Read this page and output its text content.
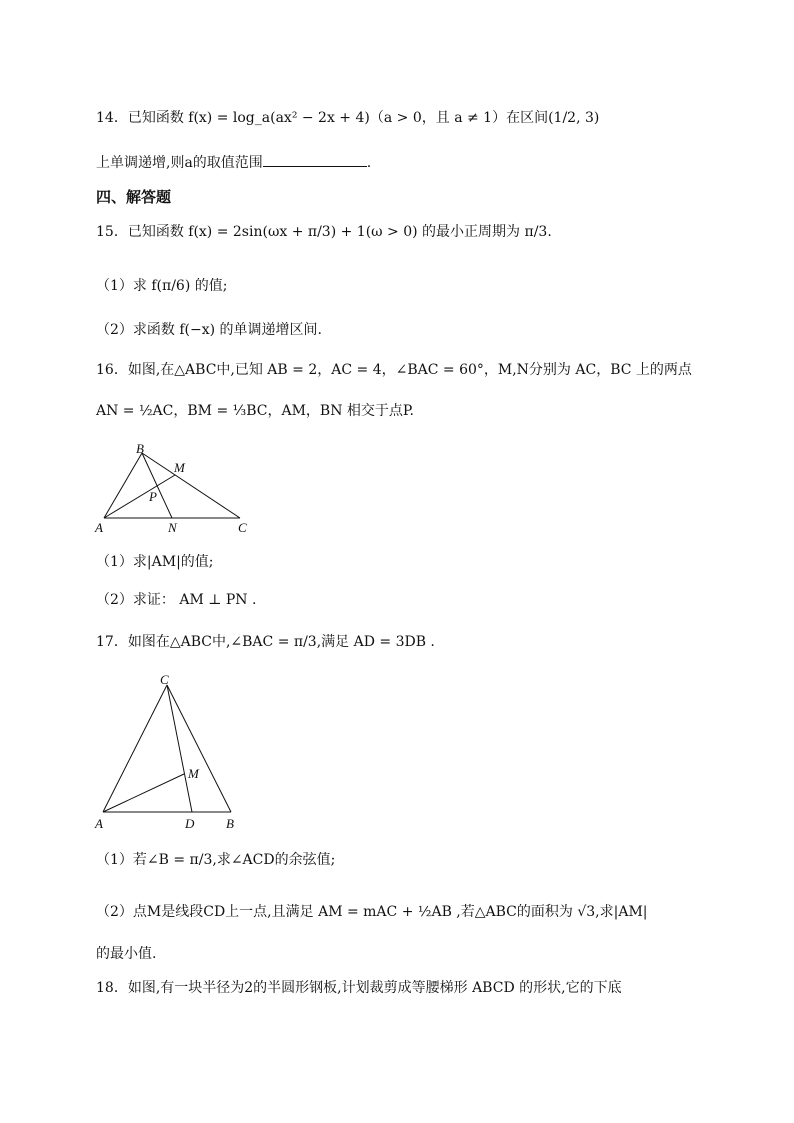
14．已知函数 f(x) = log_a(ax² − 2x + 4)（a > 0，且 a ≠ 1）在区间(1/2, 3)
上单调递增,则a的取值范围	.
四、解答题
15．已知函数 f(x) = 2sin(ωx + π/3) + 1(ω > 0) 的最小正周期为 π/3.
（1）求 f(π/6) 的值;
（2）求函数 f(−x) 的单调递增区间.
16．如图,在△ABC中,已知 AB = 2，AC = 4，∠BAC = 60°，M,N分别为 AC，BC 上的两点
AN = ½AC，BM = ⅓BC，AM，BN 相交于点P.
A
B
C
M
N
P
（1）求|AM|的值;
（2）求证： AM ⊥ PN .
17．如图在△ABC中,∠BAC = π/3,满足 AD = 3DB .
C
A	D B
M
（1）若∠B = π/3,求∠ACD的余弦值;
（2）点M是线段CD上一点,且满足 AM = mAC + ½AB ,若△ABC的面积为 √3,求|AM|
的最小值.
18．如图,有一块半径为2的半圆形钢板,计划裁剪成等腰梯形 ABCD 的形状,它的下底
